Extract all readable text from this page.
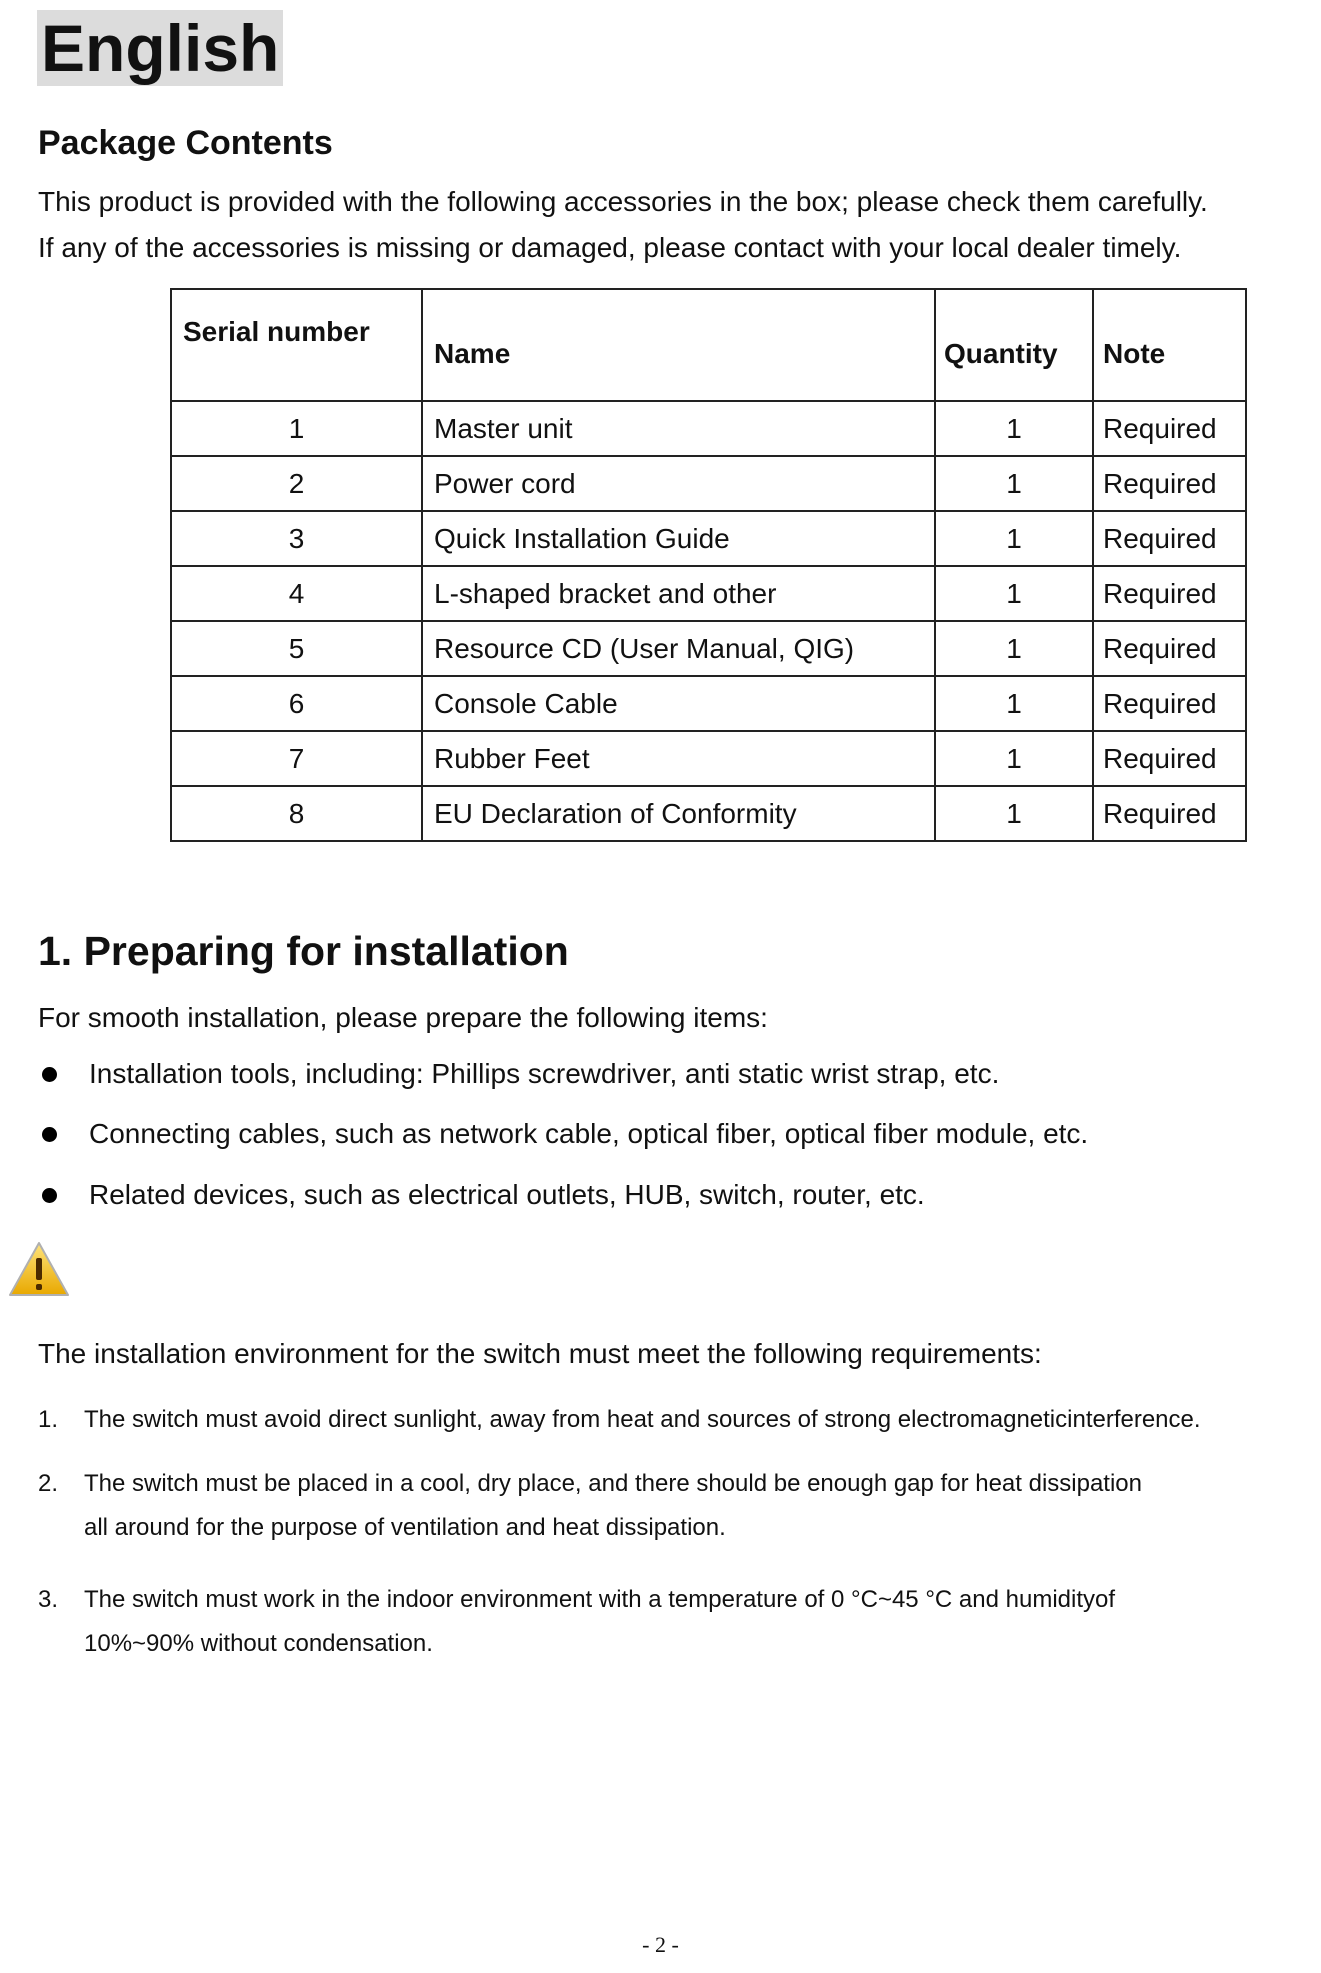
English
Package Contents
This product is provided with the following accessories in the box; please check them carefully.
If any of the accessories is missing or damaged, please contact with your local dealer timely.
Serial number	Name	Quantity	Note
1	Master unit	1	Required
2	Power cord	1	Required
3	Quick Installation Guide	1	Required
4	L-shaped bracket and other	1	Required
5	Resource CD (User Manual, QIG)	1	Required
6	Console Cable	1	Required
7	Rubber Feet	1	Required
8	EU Declaration of Conformity	1	Required
1. Preparing for installation
For smooth installation, please prepare the following items:
Installation tools, including: Phillips screwdriver, anti static wrist strap, etc.
Connecting cables, such as network cable, optical fiber, optical fiber module, etc.
Related devices, such as electrical outlets, HUB, switch, router, etc.
The installation environment for the switch must meet the following requirements:
1. The switch must avoid direct sunlight, away from heat and sources of strong electromagneticinterference.
2. The switch must be placed in a cool, dry place, and there should be enough gap for heat dissipation
all around for the purpose of ventilation and heat dissipation.
3. The switch must work in the indoor environment with a temperature of 0 °C~45 °C and humidityof
10%~90% without condensation.
- 2 -
